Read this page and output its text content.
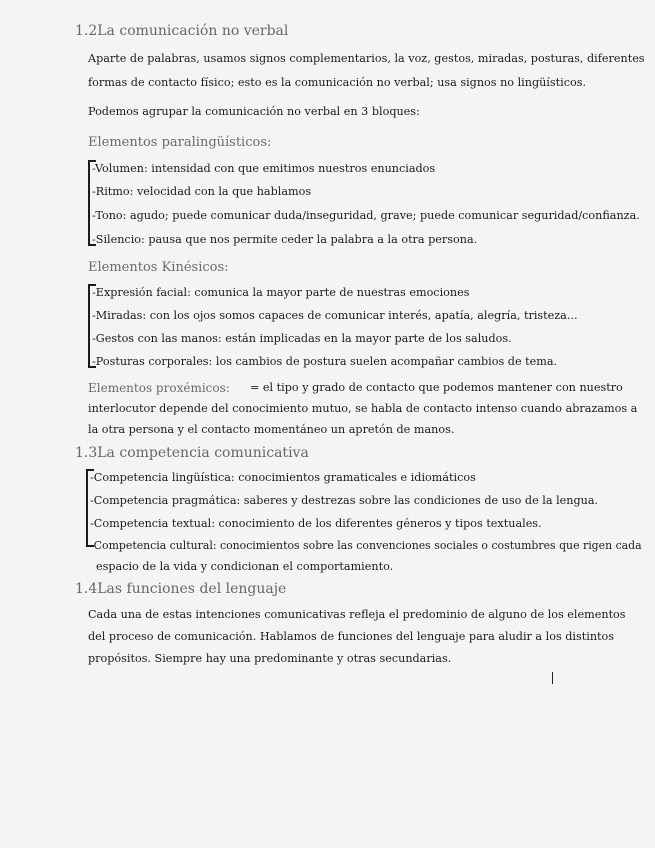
1.2La comunicación no verbal
Aparte de palabras, usamos signos complementarios, la voz, gestos, miradas, posturas, diferentes
formas de contacto físico; esto es la comunicación no verbal; usa signos no lingüísticos.
Podemos agrupar la comunicación no verbal en 3 bloques:
Elementos paralingüísticos:
-Volumen: intensidad con que emitimos nuestros enunciados
-Ritmo: velocidad con la que hablamos
-Tono: agudo; puede comunicar duda/inseguridad, grave; puede comunicar seguridad/confianza.
-Silencio: pausa que nos permite ceder la palabra a la otra persona.
Elementos Kinésicos:
-Expresión facial: comunica la mayor parte de nuestras emociones
-Miradas: con los ojos somos capaces de comunicar interés, apatía, alegría, tristeza...
-Gestos con las manos: están implicadas en la mayor parte de los saludos.
-Posturas corporales: los cambios de postura suelen acompañar cambios de tema.
Elementos proxémicos: = el tipo y grado de contacto que podemos mantener con nuestro
interlocutor depende del conocimiento mutuo, se habla de contacto intenso cuando abrazamos a
la otra persona y el contacto momentáneo un apretón de manos.
1.3La competencia comunicativa
-Competencia lingüística: conocimientos gramaticales e idiomáticos
-Competencia pragmática: saberes y destrezas sobre las condiciones de uso de la lengua.
-Competencia textual: conocimiento de los diferentes géneros y tipos textuales.
-Competencia cultural: conocimientos sobre las convenciones sociales o costumbres que rigen cada
espacio de la vida y condicionan el comportamiento.
1.4Las funciones del lenguaje
Cada una de estas intenciones comunicativas refleja el predominio de alguno de los elementos
del proceso de comunicación. Hablamos de funciones del lenguaje para aludir a los distintos
propósitos. Siempre hay una predominante y otras secundarias.
